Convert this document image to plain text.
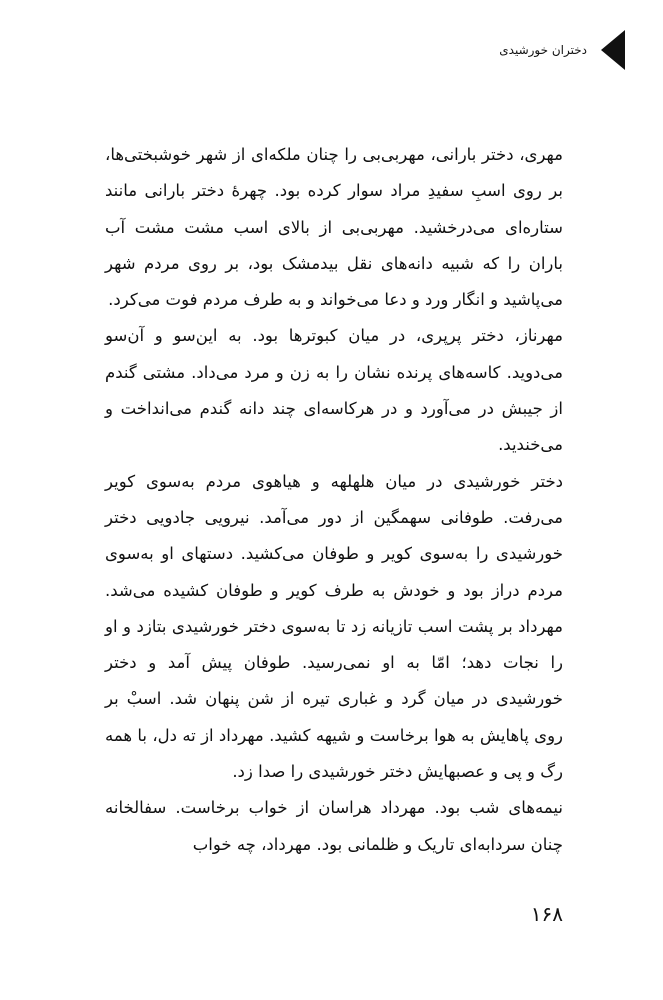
دختران خورشیدی

مهری، دختر بارانی، مهربی‌بی را چنان ملکه‌ای از شهر خوشبختی‌ها، بر روی اسبِ سفیدِ مراد سوار کرده بود. چهرهٔ دختر بارانی مانند ستاره‌ای می‌درخشید. مهربی‌بی از بالای اسب مشت مشت آب باران را که شبیه دانه‌های نقل بیدمشک بود، بر روی مردم شهر می‌پاشید و انگار ورد و دعا می‌خواند و به طرف مردم فوت می‌کرد.

مهرناز، دختر پرپری، در میان کبوترها بود. به این‌سو و آن‌سو می‌دوید. کاسه‌های پرنده نشان را به زن و مرد می‌داد. مشتی گندم از جیبش در می‌آورد و در هرکاسه‌ای چند دانه گندم می‌انداخت و می‌خندید.

دختر خورشیدی در میان هلهلهه و هیاهوی مردم به‌سوی کویر می‌رفت. طوفانی سهمگین از دور می‌آمد. نیرویی جادویی دختر خورشیدی را به‌سوی کویر و طوفان می‌کشید. دستهای او به‌سوی مردم دراز بود و خودش به طرف کویر و طوفان کشیده می‌شد. مهرداد بر پشت اسب تازیانه زد تا به‌سوی دختر خورشیدی بتازد و او را نجات دهد؛ امّا به او نمی‌رسید. طوفان پیش آمد و دختر خورشیدی در میان گرد و غباری تیره از شن پنهان شد. اسبْ بر روی پاهایش به هوا برخاست و شیهه کشید. مهرداد از ته دل، با همه رگ و پی و عصبهایش دختر خورشیدی را صدا زد.

نیمه‌های شب بود. مهرداد هراسان از خواب برخاست. سفالخانه چنان سردابه‌ای تاریک و ظلمانی بود. مهرداد، چه خواب

۱۶۸
